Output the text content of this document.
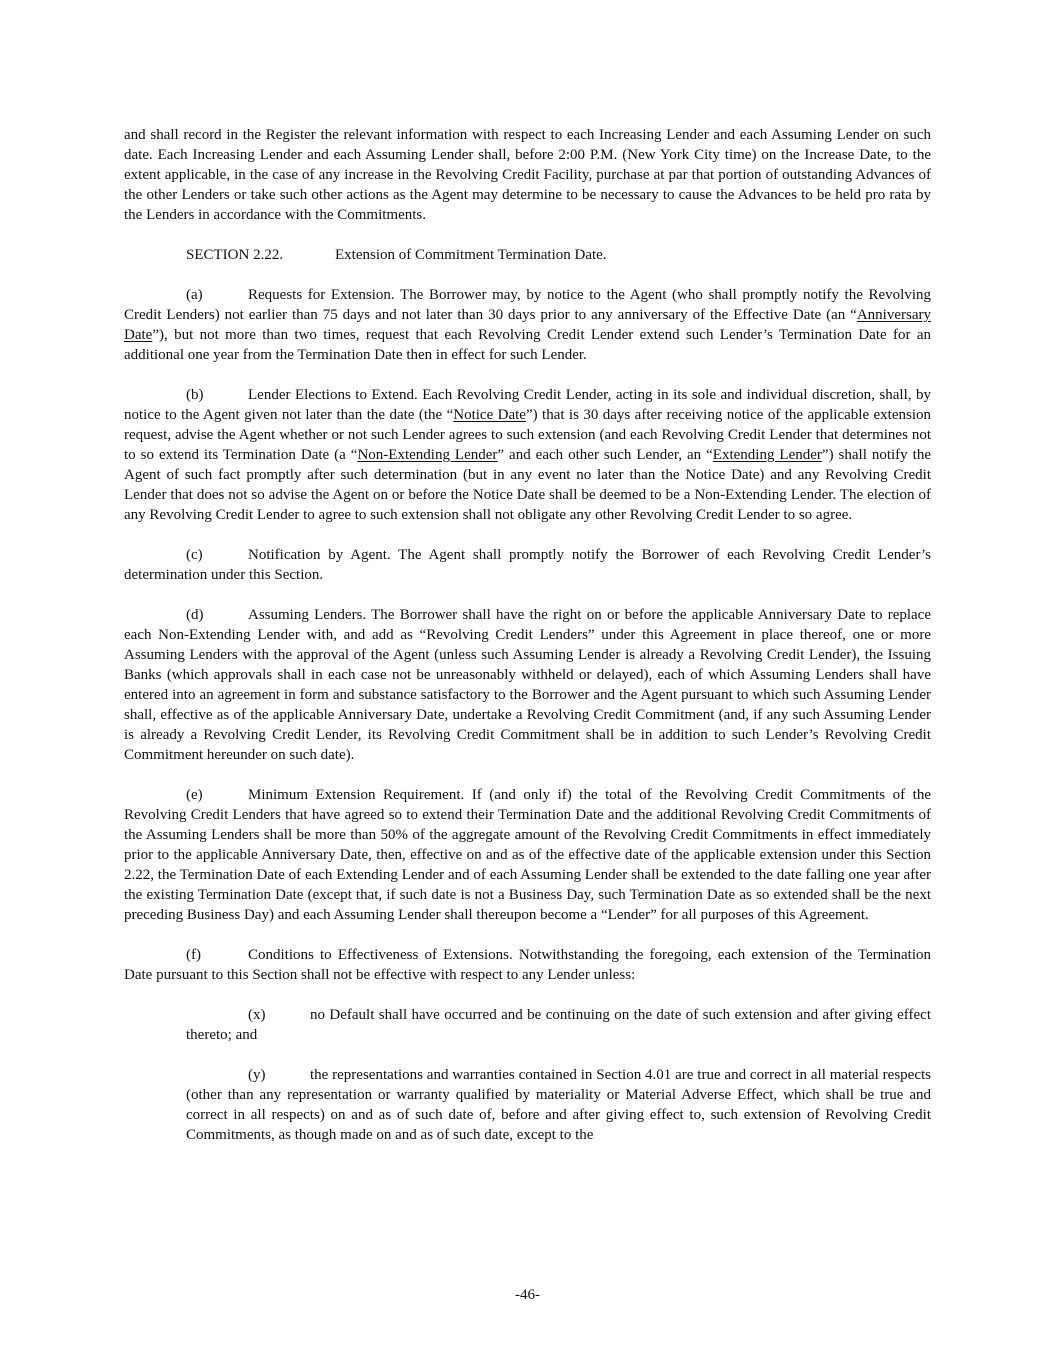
and shall record in the Register the relevant information with respect to each Increasing Lender and each Assuming Lender on such date. Each Increasing Lender and each Assuming Lender shall, before 2:00 P.M. (New York City time) on the Increase Date, to the extent applicable, in the case of any increase in the Revolving Credit Facility, purchase at par that portion of outstanding Advances of the other Lenders or take such other actions as the Agent may determine to be necessary to cause the Advances to be held pro rata by the Lenders in accordance with the Commitments.

SECTION 2.22.	Extension of Commitment Termination Date.

(a)	Requests for Extension. The Borrower may, by notice to the Agent (who shall promptly notify the Revolving Credit Lenders) not earlier than 75 days and not later than 30 days prior to any anniversary of the Effective Date (an “Anniversary Date”), but not more than two times, request that each Revolving Credit Lender extend such Lender’s Termination Date for an additional one year from the Termination Date then in effect for such Lender.

(b)	Lender Elections to Extend. Each Revolving Credit Lender, acting in its sole and individual discretion, shall, by notice to the Agent given not later than the date (the “Notice Date”) that is 30 days after receiving notice of the applicable extension request, advise the Agent whether or not such Lender agrees to such extension (and each Revolving Credit Lender that determines not to so extend its Termination Date (a “Non-Extending Lender” and each other such Lender, an “Extending Lender”) shall notify the Agent of such fact promptly after such determination (but in any event no later than the Notice Date) and any Revolving Credit Lender that does not so advise the Agent on or before the Notice Date shall be deemed to be a Non-Extending Lender. The election of any Revolving Credit Lender to agree to such extension shall not obligate any other Revolving Credit Lender to so agree.

(c)	Notification by Agent. The Agent shall promptly notify the Borrower of each Revolving Credit Lender’s determination under this Section.

(d)	Assuming Lenders. The Borrower shall have the right on or before the applicable Anniversary Date to replace each Non-Extending Lender with, and add as “Revolving Credit Lenders” under this Agreement in place thereof, one or more Assuming Lenders with the approval of the Agent (unless such Assuming Lender is already a Revolving Credit Lender), the Issuing Banks (which approvals shall in each case not be unreasonably withheld or delayed), each of which Assuming Lenders shall have entered into an agreement in form and substance satisfactory to the Borrower and the Agent pursuant to which such Assuming Lender shall, effective as of the applicable Anniversary Date, undertake a Revolving Credit Commitment (and, if any such Assuming Lender is already a Revolving Credit Lender, its Revolving Credit Commitment shall be in addition to such Lender’s Revolving Credit Commitment hereunder on such date).

(e)	Minimum Extension Requirement. If (and only if) the total of the Revolving Credit Commitments of the Revolving Credit Lenders that have agreed so to extend their Termination Date and the additional Revolving Credit Commitments of the Assuming Lenders shall be more than 50% of the aggregate amount of the Revolving Credit Commitments in effect immediately prior to the applicable Anniversary Date, then, effective on and as of the effective date of the applicable extension under this Section 2.22, the Termination Date of each Extending Lender and of each Assuming Lender shall be extended to the date falling one year after the existing Termination Date (except that, if such date is not a Business Day, such Termination Date as so extended shall be the next preceding Business Day) and each Assuming Lender shall thereupon become a “Lender” for all purposes of this Agreement.

(f)	Conditions to Effectiveness of Extensions. Notwithstanding the foregoing, each extension of the Termination Date pursuant to this Section shall not be effective with respect to any Lender unless:

(x)	no Default shall have occurred and be continuing on the date of such extension and after giving effect thereto; and

(y)	the representations and warranties contained in Section 4.01 are true and correct in all material respects (other than any representation or warranty qualified by materiality or Material Adverse Effect, which shall be true and correct in all respects) on and as of such date of, before and after giving effect to, such extension of Revolving Credit Commitments, as though made on and as of such date, except to the

-46-
